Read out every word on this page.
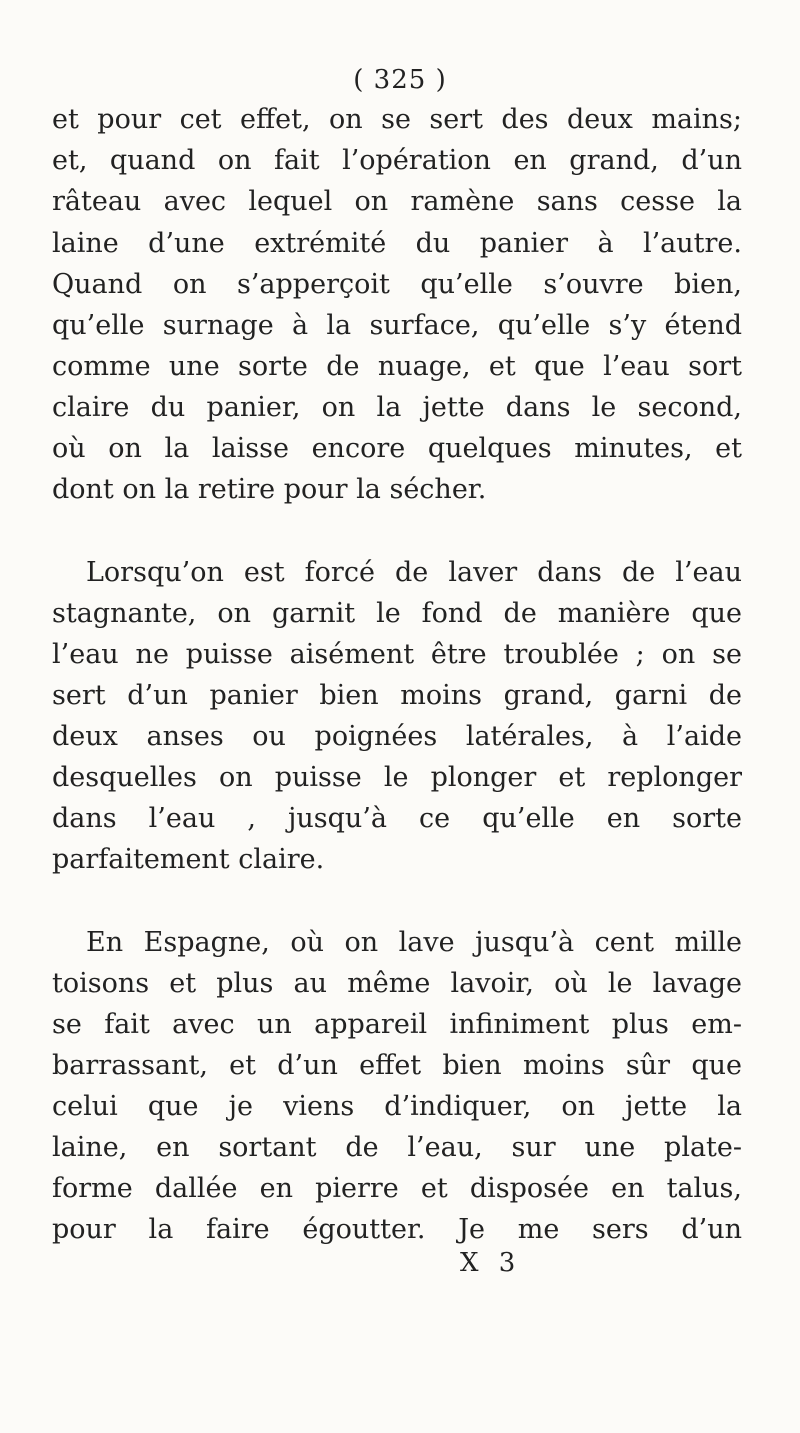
( 325 )
et pour cet effet, on se sert des deux mains;
et, quand on fait l’opération en grand, d’un
râteau avec lequel on ramène sans cesse la
laine d’une extrémité du panier à l’autre.
Quand on s’apperçoit qu’elle s’ouvre bien,
qu’elle surnage à la surface, qu’elle s’y étend
comme une sorte de nuage, et que l’eau sort
claire du panier, on la jette dans le second,
où on la laisse encore quelques minutes, et
dont on la retire pour la sécher.
Lorsqu’on est forcé de laver dans de l’eau
stagnante, on garnit le fond de manière que
l’eau ne puisse aisément être troublée ; on se
sert d’un panier bien moins grand, garni de
deux anses ou poignées latérales, à l’aide
desquelles on puisse le plonger et replonger
dans l’eau , jusqu’à ce qu’elle en sorte
parfaitement claire.
En Espagne, où on lave jusqu’à cent mille
toisons et plus au même lavoir, où le lavage
se fait avec un appareil infiniment plus em-
barrassant, et d’un effet bien moins sûr que
celui que je viens d’indiquer, on jette la
laine, en sortant de l’eau, sur une plate-
forme dallée en pierre et disposée en talus,
pour la faire égoutter. Je me sers d’un
X 3
